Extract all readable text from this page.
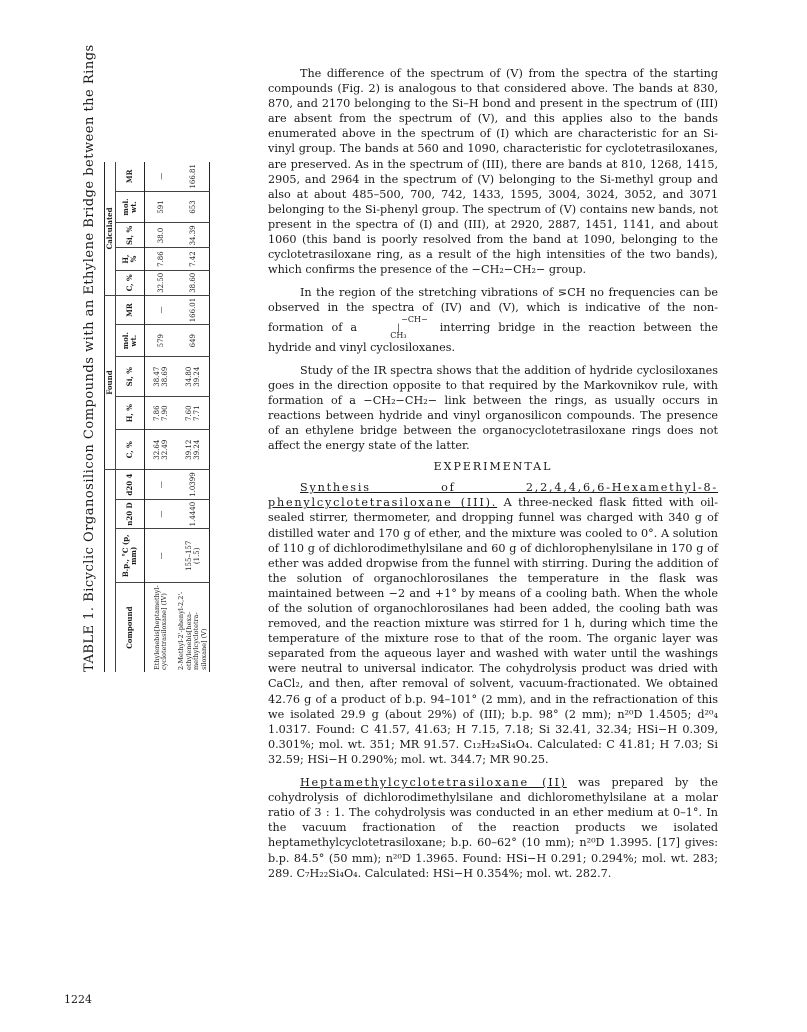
TABLE 1. Bicyclic Organosilicon Compounds with an Ethylene Bridge between the Rings
				Found					Calculated				
Compound	B.p., °C (p, mm)	n20 D	d20 4	C, %	H, %	Si, %	mol. wt.	MR	C, %	H, %	Si, %	mol. wt.	MR
Ethylenebis[heptamethyl-cyclotetrasiloxane] (IV)	—	—	—	32.64 32.49	7.86 7.90	38.47 38.69	579	—	32.50	7.86	38.0	591	—
2-Methyl-2'-phenyl-2,2'-ethylenebis[hexa-methylcyclotetra-siloxane] (V)	155–157 (1.5)	1.4440	1.0399	39.12 39.24	7.60 7.71	34.80 39.24	649	166.01	38.60	7.42	34.39	653	166.81

The difference of the spectrum of (V) from the spectra of the starting compounds (Fig. 2) is analogous to that considered above. The bands at 830, 870, and 2170 belonging to the Si–H bond and present in the spectrum of (III) are absent from the spectrum of (V), and this applies also to the bands enumerated above in the spectrum of (I) which are characteristic for an Si-vinyl group. The bands at 560 and 1090, characteristic for cyclotetrasiloxanes, are preserved. As in the spectrum of (III), there are bands at 810, 1268, 1415, 2905, and 2964 in the spectrum of (V) belonging to the Si-methyl group and also at about 485–500, 700, 742, 1433, 1595, 3004, 3024, 3052, and 3071 belonging to the Si-phenyl group. The spectrum of (V) contains new bands, not present in the spectra of (I) and (III), at 2920, 2887, 1451, 1141, and about 1060 (this band is poorly resolved from the band at 1090, belonging to the cyclotetrasiloxane ring, as a result of the high intensities of the two bands), which confirms the presence of the −CH₂−CH₂− group.

In the region of the stretching vibrations of ⋝CH no frequencies can be observed in the spectra of (IV) and (V), which is indicative of the non-formation of a −CH−
|
CH₃ interring bridge in the reaction between the hydride and vinyl cyclosiloxanes.

Study of the IR spectra shows that the addition of hydride cyclosiloxanes goes in the direction opposite to that required by the Markovnikov rule, with formation of a −CH₂−CH₂− link between the rings, as usually occurs in reactions between hydride and vinyl organosilicon compounds. The presence of an ethylene bridge between the organocyclotetrasiloxane rings does not affect the energy state of the latter.

EXPERIMENTAL

Synthesis of 2,2,4,4,6,6-Hexamethyl-8-phenylcyclotetrasiloxane (III). A three-necked flask fitted with oil-sealed stirrer, thermometer, and dropping funnel was charged with 340 g of distilled water and 170 g of ether, and the mixture was cooled to 0°. A solution of 110 g of dichlorodimethylsilane and 60 g of dichlorophenylsilane in 170 g of ether was added dropwise from the funnel with stirring. During the addition of the solution of organochlorosilanes the temperature in the flask was maintained between −2 and +1° by means of a cooling bath. When the whole of the solution of organochlorosilanes had been added, the cooling bath was removed, and the reaction mixture was stirred for 1 h, during which time the temperature of the mixture rose to that of the room. The organic layer was separated from the aqueous layer and washed with water until the washings were neutral to universal indicator. The cohydrolysis product was dried with CaCl₂, and then, after removal of solvent, vacuum-fractionated. We obtained 42.76 g of a product of b.p. 94–101° (2 mm), and in the refractionation of this we isolated 29.9 g (about 29%) of (III); b.p. 98° (2 mm); n²⁰D 1.4505; d²⁰₄ 1.0317. Found: C 41.57, 41.63; H 7.15, 7.18; Si 32.41, 32.34; HSi−H 0.309, 0.301%; mol. wt. 351; MR 91.57. C₁₂H₂₄Si₄O₄. Calculated: C 41.81; H 7.03; Si 32.59; HSi−H 0.290%; mol. wt. 344.7; MR 90.25.

Heptamethylcyclotetrasiloxane (II) was prepared by the cohydrolysis of dichlorodimethylsilane and dichloromethylsilane at a molar ratio of 3 : 1. The cohydrolysis was conducted in an ether medium at 0–1°. In the vacuum fractionation of the reaction products we isolated heptamethylcyclotetrasiloxane; b.p. 60–62° (10 mm); n²⁰D 1.3995. [17] gives: b.p. 84.5° (50 mm); n²⁰D 1.3965. Found: HSi−H 0.291; 0.294%; mol. wt. 283; 289. C₇H₂₂Si₄O₄. Calculated: HSi−H 0.354%; mol. wt. 282.7.

1224
